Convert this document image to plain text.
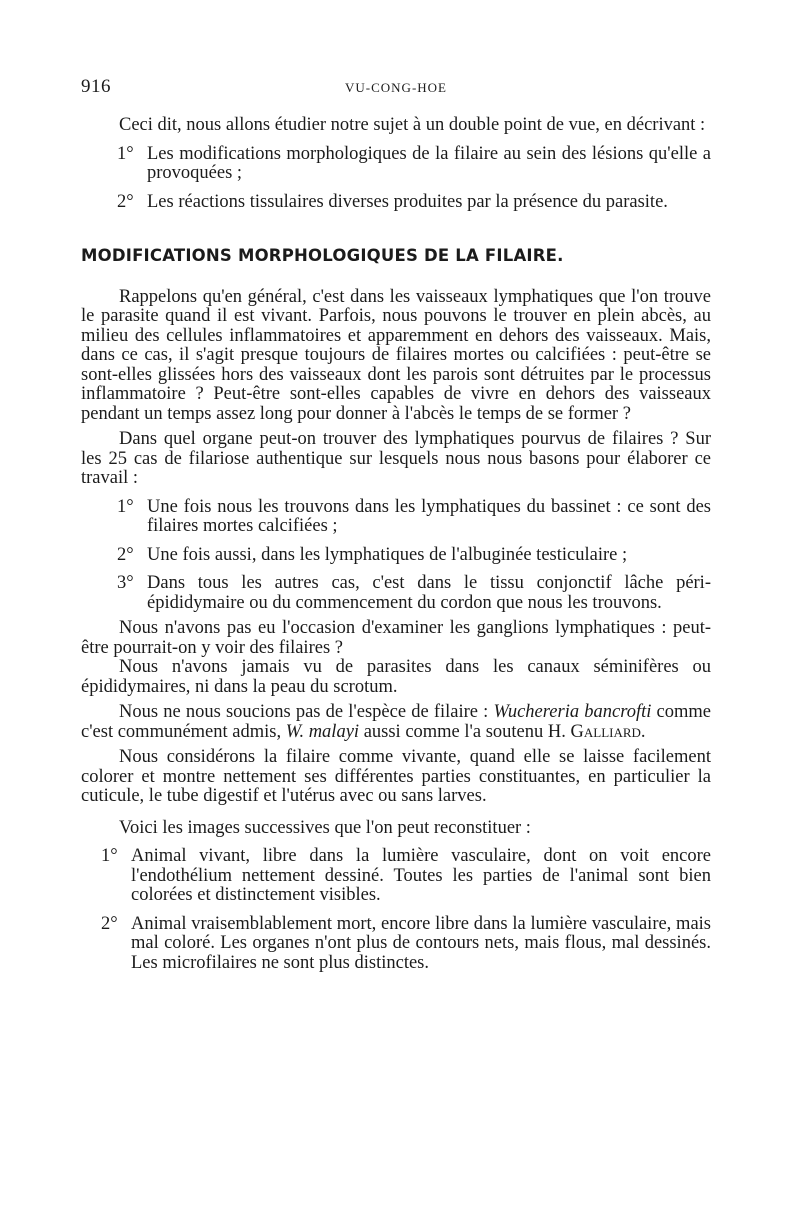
916	VU-CONG-HOE

Ceci dit, nous allons étudier notre sujet à un double point de vue, en décrivant :

1° Les modifications morphologiques de la filaire au sein des lésions qu'elle a provoquées ;
2° Les réactions tissulaires diverses produites par la présence du parasite.
MODIFICATIONS MORPHOLOGIQUES DE LA FILAIRE.

Rappelons qu'en général, c'est dans les vaisseaux lymphatiques que l'on trouve le parasite quand il est vivant. Parfois, nous pouvons le trouver en plein abcès, au milieu des cellules inflammatoires et apparemment en dehors des vaisseaux. Mais, dans ce cas, il s'agit presque toujours de filaires mortes ou calcifiées : peut-être se sont-elles glissées hors des vaisseaux dont les parois sont détruites par le processus inflammatoire ? Peut-être sont-elles capables de vivre en dehors des vaisseaux pendant un temps assez long pour donner à l'abcès le temps de se former ?

Dans quel organe peut-on trouver des lymphatiques pourvus de filaires ? Sur les 25 cas de filariose authentique sur lesquels nous nous basons pour élaborer ce travail :

1° Une fois nous les trouvons dans les lymphatiques du bassinet : ce sont des filaires mortes calcifiées ;
2° Une fois aussi, dans les lymphatiques de l'albuginée testiculaire ;
3° Dans tous les autres cas, c'est dans le tissu conjonctif lâche péri-épididymaire ou du commencement du cordon que nous les trouvons.

Nous n'avons pas eu l'occasion d'examiner les ganglions lymphatiques : peut-être pourrait-on y voir des filaires ?

Nous n'avons jamais vu de parasites dans les canaux séminifères ou épididymaires, ni dans la peau du scrotum.

Nous ne nous soucions pas de l'espèce de filaire : Wuchereria bancrofti comme c'est communément admis, W. malayi aussi comme l'a soutenu H. Galliard.

Nous considérons la filaire comme vivante, quand elle se laisse facilement colorer et montre nettement ses différentes parties constituantes, en particulier la cuticule, le tube digestif et l'utérus avec ou sans larves.

Voici les images successives que l'on peut reconstituer :

1° Animal vivant, libre dans la lumière vasculaire, dont on voit encore l'endothélium nettement dessiné. Toutes les parties de l'animal sont bien colorées et distinctement visibles.
2° Animal vraisemblablement mort, encore libre dans la lumière vasculaire, mais mal coloré. Les organes n'ont plus de contours nets, mais flous, mal dessinés. Les microfilaires ne sont plus distinctes.
